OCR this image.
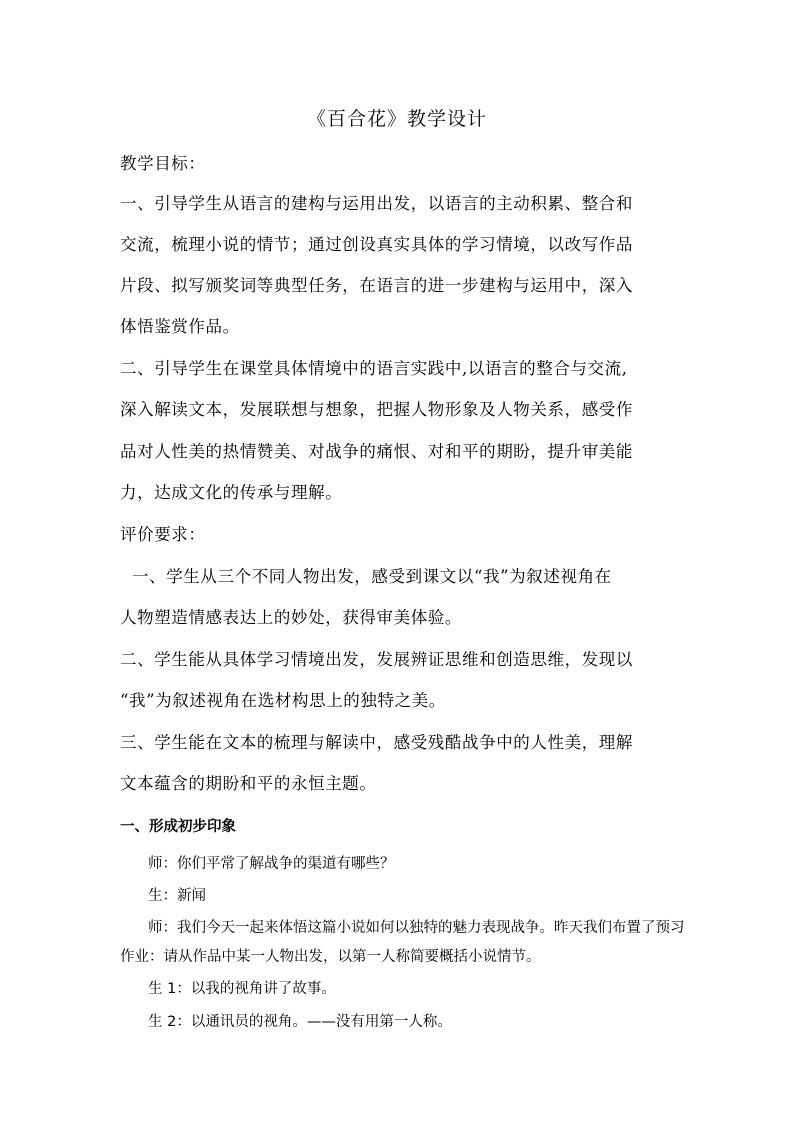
《百合花》教学设计
教学目标：
一、引导学生从语言的建构与运用出发，以语言的主动积累、整合和
交流，梳理小说的情节；通过创设真实具体的学习情境，以改写作品
片段、拟写颁奖词等典型任务，在语言的进一步建构与运用中，深入
体悟鉴赏作品。
二、引导学生在课堂具体情境中的语言实践中,以语言的整合与交流,
深入解读文本，发展联想与想象，把握人物形象及人物关系，感受作
品对人性美的热情赞美、对战争的痛恨、对和平的期盼，提升审美能
力，达成文化的传承与理解。
评价要求：
一、学生从三个不同人物出发，感受到课文以“我”为叙述视角在
人物塑造情感表达上的妙处，获得审美体验。
二、学生能从具体学习情境出发，发展辨证思维和创造思维，发现以
“我”为叙述视角在选材构思上的独特之美。
三、学生能在文本的梳理与解读中，感受残酷战争中的人性美，理解
文本蕴含的期盼和平的永恒主题。
一、形成初步印象
师：你们平常了解战争的渠道有哪些？
生：新闻
师：我们今天一起来体悟这篇小说如何以独特的魅力表现战争。昨天我们布置了预习
作业：请从作品中某一人物出发，以第一人称简要概括小说情节。
生 1：以我的视角讲了故事。
生 2：以通讯员的视角。——没有用第一人称。
